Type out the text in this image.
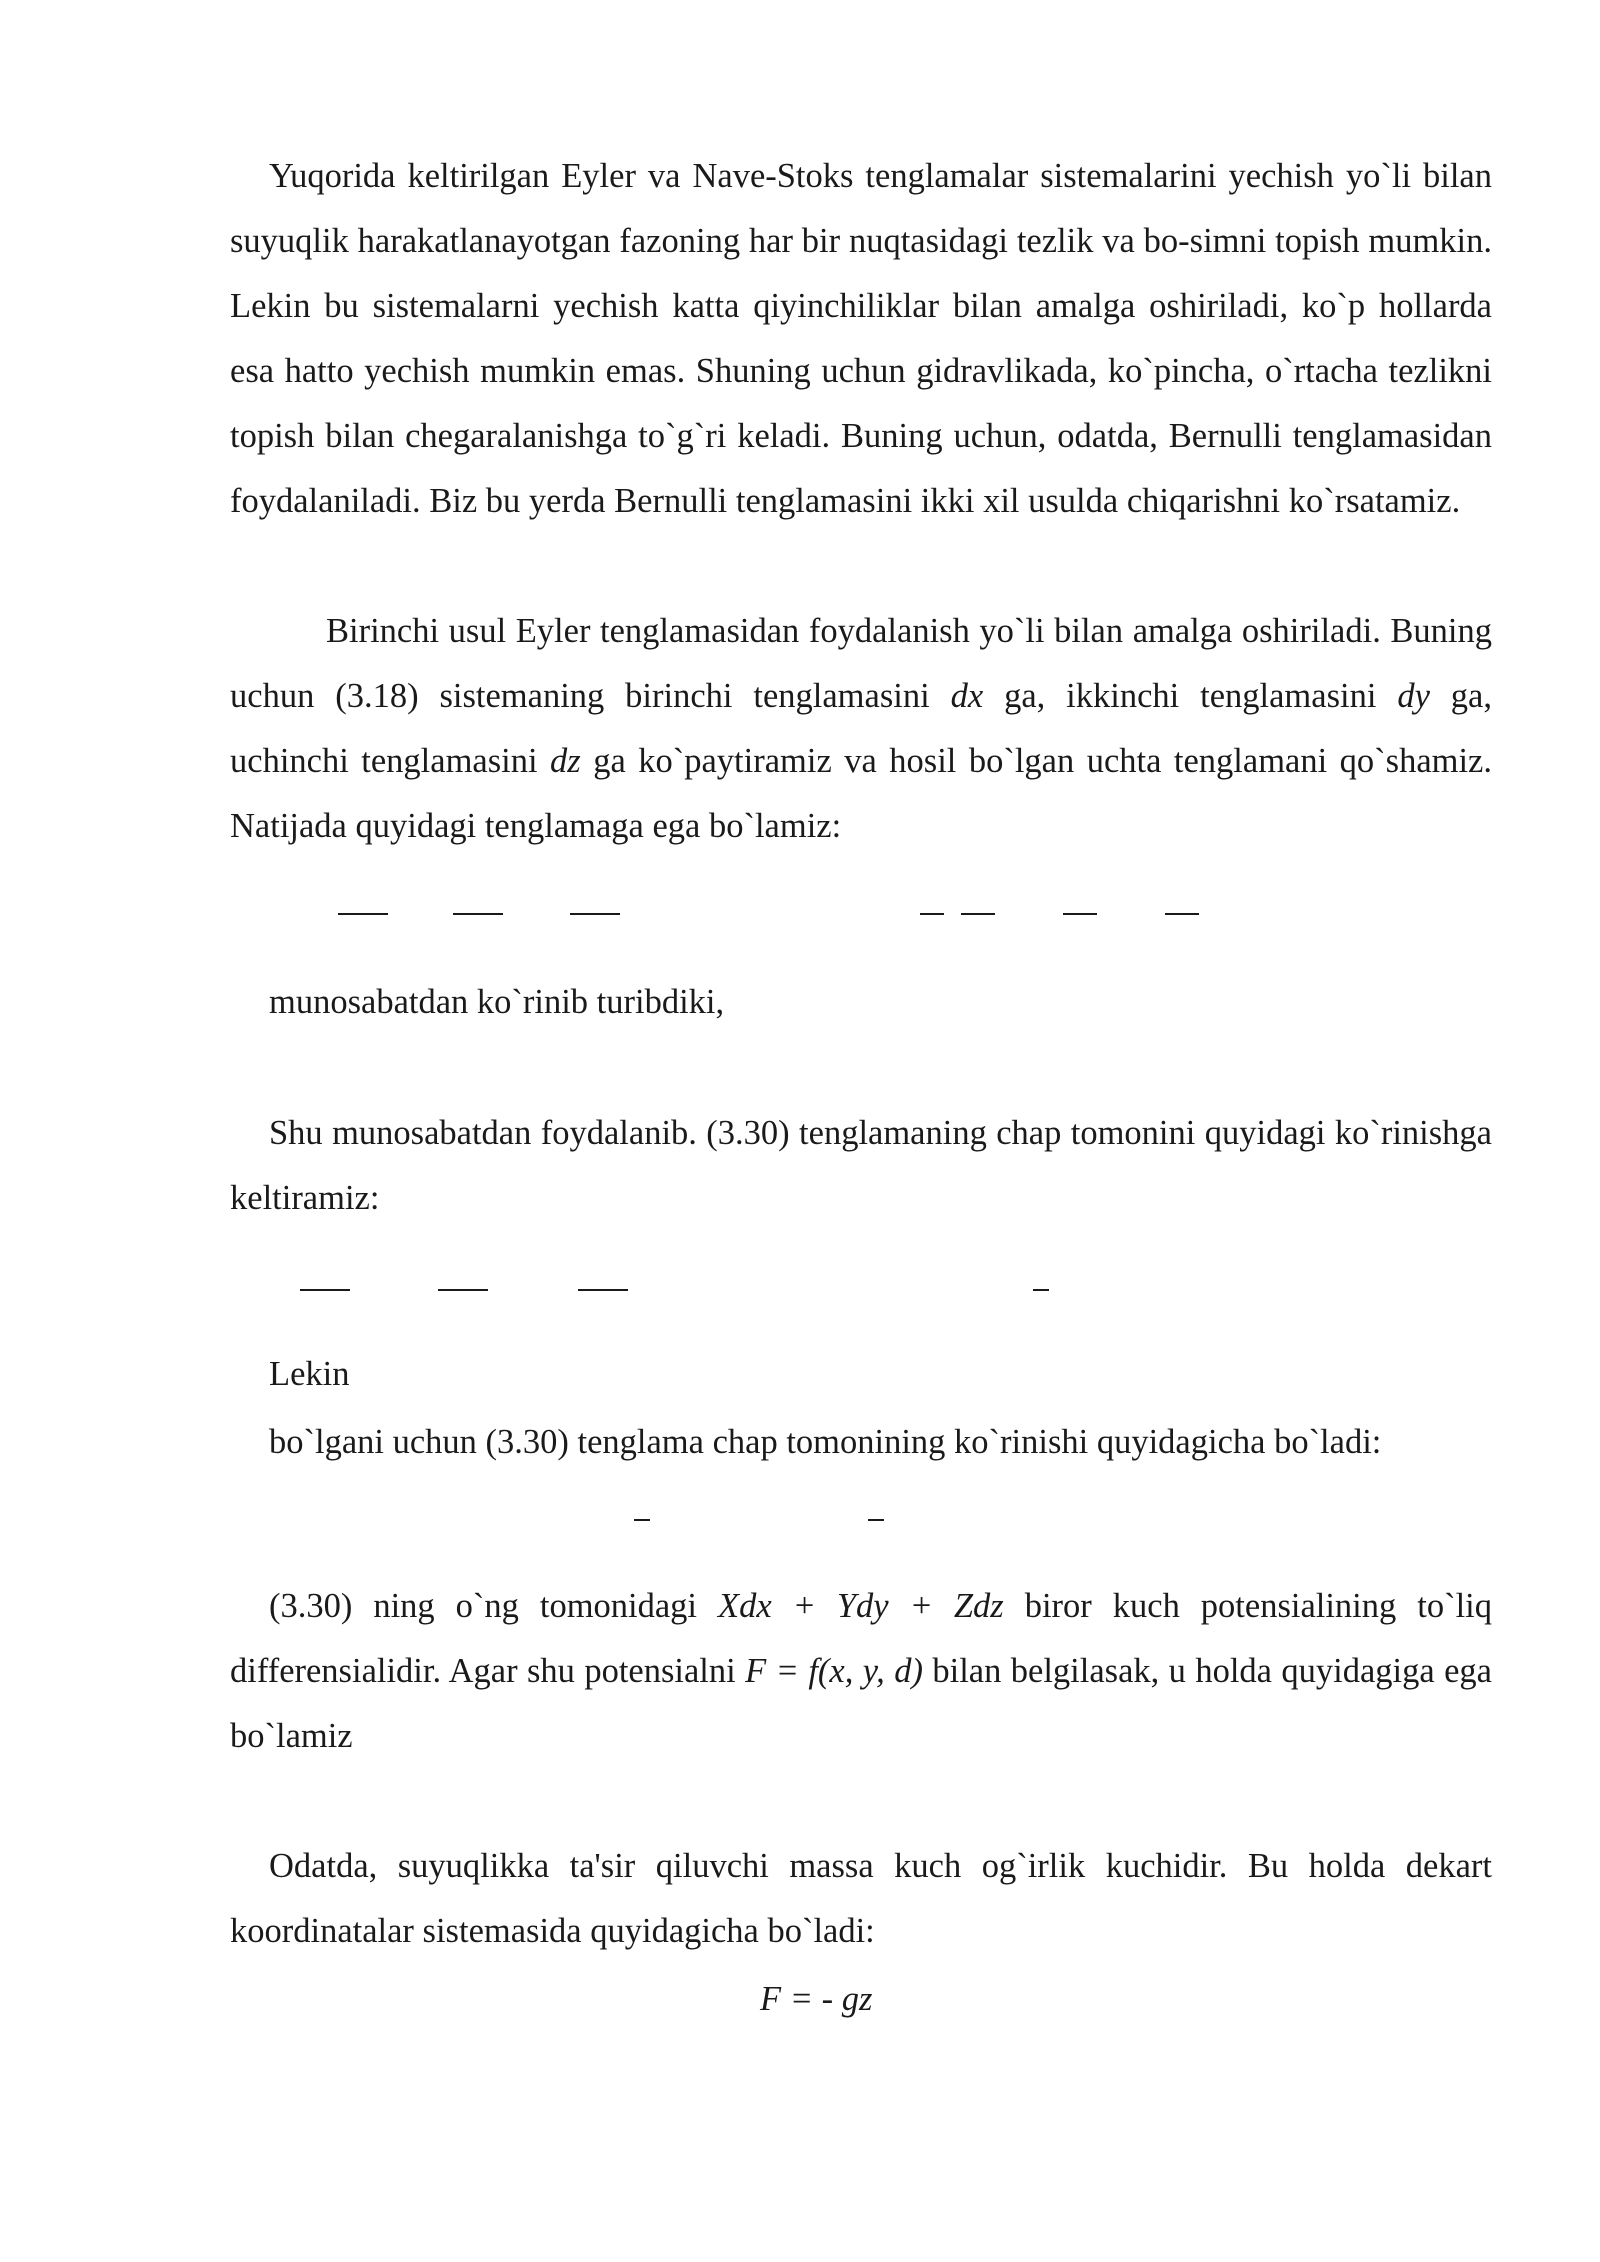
Yuqorida keltirilgan Eyler va Nave-Stoks tenglamalar sistemalarini yechish yo`li bilan suyuqlik harakatlanayotgan fazoning har bir nuqtasidagi tezlik va bo-simni topish mumkin. Lekin bu sistemalarni yechish katta qiyinchiliklar bilan amalga oshiriladi, ko`p hollarda esa hatto yechish mumkin emas. Shuning uchun gidravlikada, ko`pincha, o`rtacha tezlikni topish bilan chegaralanishga to`g`ri keladi. Buning uchun, odatda, Bernulli tenglamasidan foydalaniladi. Biz bu yerda Bernulli tenglamasini ikki xil usulda chiqarishni ko`rsatamiz.
Birinchi usul Eyler tenglamasidan foydalanish yo`li bilan amalga oshiriladi. Buning uchun (3.18) sistemaning birinchi tenglamasini dx ga, ikkinchi tenglamasini dy ga, uchinchi tenglamasini dz ga ko`paytiramiz va hosil bo`lgan uchta tenglamani qo`shamiz. Natijada quyidagi tenglamaga ega bo`lamiz:
munosabatdan ko`rinib turibdiki,
Shu munosabatdan foydalanib. (3.30) tenglamaning chap tomonini quyidagi ko`rinishga keltiramiz:
Lekin
bo`lgani uchun (3.30) tenglama chap tomonining ko`rinishi quyidagicha bo`ladi:
(3.30) ning o`ng tomonidagi Xdx + Ydy + Zdz biror kuch potensialining to`liq differensialidir. Agar shu potensialni F = f(x, y, d) bilan belgilasak, u holda quyidagiga ega bo`lamiz
Odatda, suyuqlikka ta'sir qiluvchi massa kuch og`irlik kuchidir. Bu holda dekart koordinatalar sistemasida quyidagicha bo`ladi:
F = - gz
